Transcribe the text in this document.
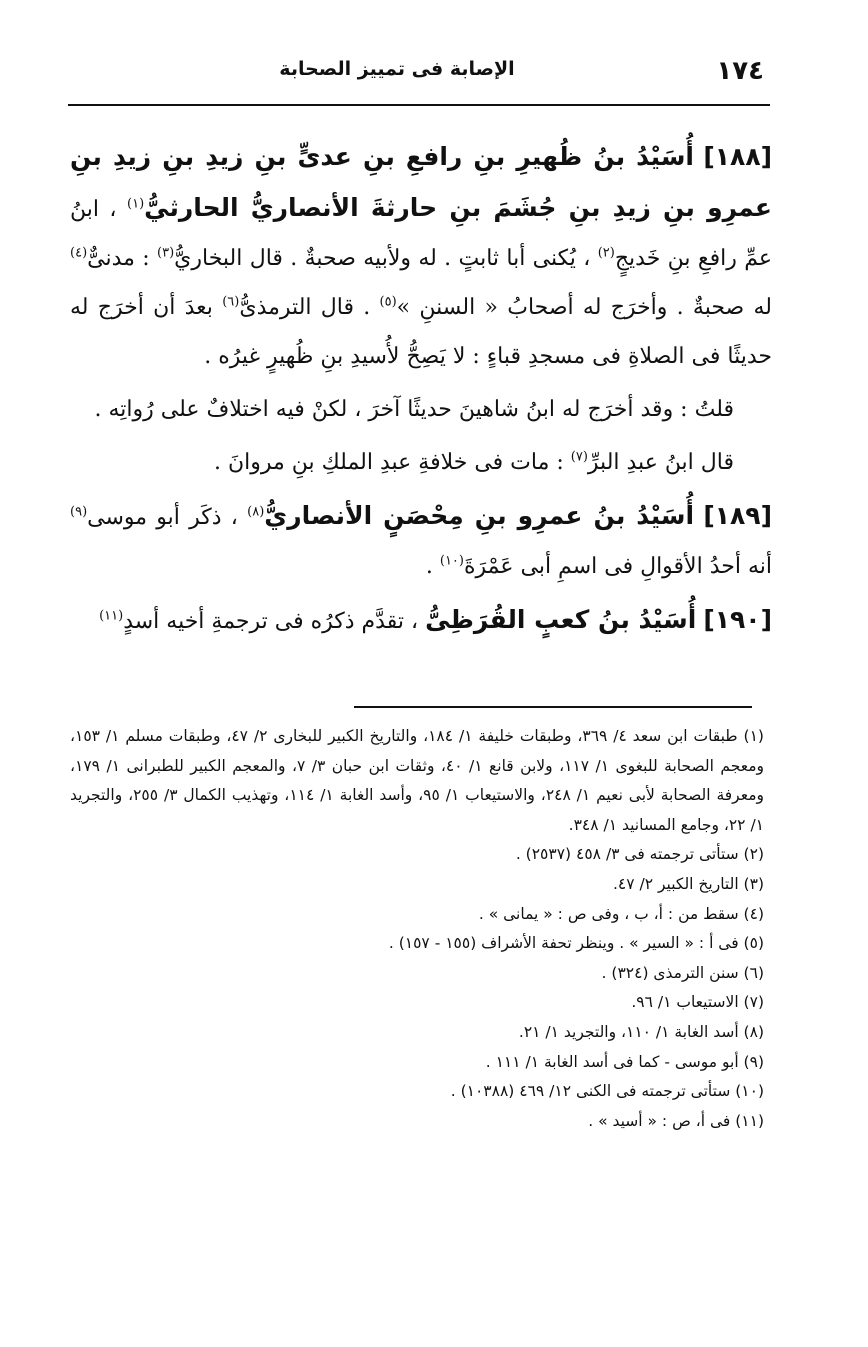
١٧٤
الإصابة فى تمييز الصحابة

[١٨٨] أُسَيْدُ بنُ ظُهيرِ بنِ رافعِ بنِ عدىٍّ بنِ زيدِ بنِ زيدِ بنِ عمرِو بنِ زيدِ بنِ جُشَمَ بنِ حارثةَ الأنصاريُّ الحارثيُّ$^{(١)}$ ، ابنُ عمِّ رافعِ بنِ خَديجٍ$^{(٢)}$ ، يُكنى أبا ثابتٍ . له ولأبيه صحبةٌ . قال البخاريُّ$^{(٣)}$ : مدنىٌّ$^{(٤)}$ له صحبةٌ . وأخرَج له أصحابُ « السننِ »$^{(٥)}$ . قال الترمذىُّ$^{(٦)}$ بعدَ أن أخرَج له حديثًا فى الصلاةِ فى مسجدِ قباءٍ : لا يَصِحُّ لأُسيدِ بنِ ظُهيرٍ غيرُه .

قلتُ : وقد أخرَج له ابنُ شاهينَ حديثًا آخرَ ، لكنْ فيه اختلافٌ على رُواتِه .

قال ابنُ عبدِ البرِّ$^{(٧)}$ : مات فى خلافةِ عبدِ الملكِ بنِ مروانَ .

[١٨٩] أُسَيْدُ بنُ عمرِو بنِ مِحْصَنٍ الأنصاريُّ$^{(٨)}$ ، ذكَر أبو موسى$^{(٩)}$ أنه أحدُ الأقوالِ فى اسمِ أبى عَمْرَةَ$^{(١٠)}$ .

[١٩٠] أُسَيْدُ بنُ كعبٍ القُرَظِىُّ ، تقدَّم ذكرُه فى ترجمةِ أخيه أسدٍ$^{(١١)}$

(١) طبقات ابن سعد ٤/ ٣٦٩، وطبقات خليفة ١/ ١٨٤، والتاريخ الكبير للبخارى ٢/ ٤٧، وطبقات مسلم ١/ ١٥٣، ومعجم الصحابة للبغوى ١/ ١١٧، ولابن قانع ١/ ٤٠، وثقات ابن حبان ٣/ ٧، والمعجم الكبير للطبرانى ١/ ١٧٩، ومعرفة الصحابة لأبى نعيم ١/ ٢٤٨، والاستيعاب ١/ ٩٥، وأسد الغابة ١/ ١١٤، وتهذيب الكمال ٣/ ٢٥٥، والتجريد ١/ ٢٢، وجامع المسانيد ١/ ٣٤٨.

(٢) ستأتى ترجمته فى ٣/ ٤٥٨ (٢٥٣٧) .

(٣) التاريخ الكبير ٢/ ٤٧.

(٤) سقط من : أ، ب ، وفى ص : « يمانى » .

(٥) فى أ : « السير » . وينظر تحفة الأشراف (١٥٥ - ١٥٧) .

(٦) سنن الترمذى (٣٢٤) .

(٧) الاستيعاب ١/ ٩٦.

(٨) أسد الغابة ١/ ١١٠، والتجريد ١/ ٢١.

(٩) أبو موسى - كما فى أسد الغابة ١/ ١١١ .

(١٠) ستأتى ترجمته فى الكنى ١٢/ ٤٦٩ (١٠٣٨٨) .

(١١) فى أ، ص : « أسيد » .
